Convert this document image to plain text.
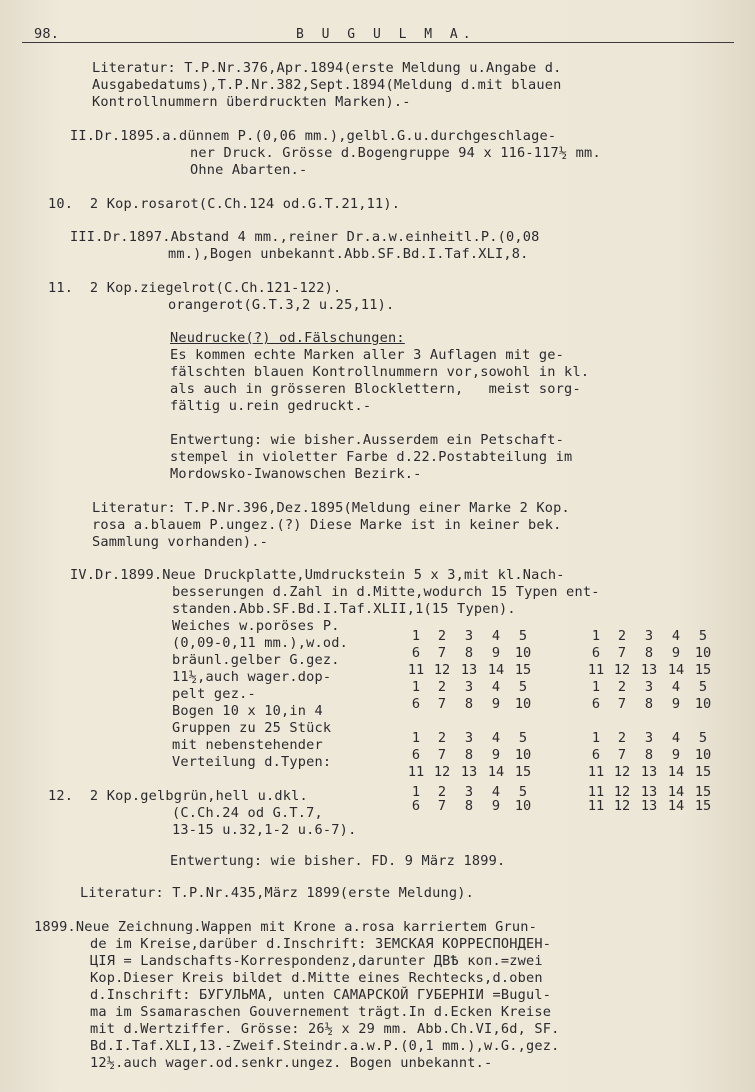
98.	B U G U L M A.
Literatur: T.P.Nr.376,Apr.1894(erste Meldung u.Angabe d.
Ausgabedatums),T.P.Nr.382,Sept.1894(Meldung d.mit blauen
Kontrollnummern überdruckten Marken).-
II.Dr.1895.a.dünnem P.(0,06 mm.),gelbl.G.u.durchgeschlage-
ner Druck. Grösse d.Bogengruppe 94 x 116-117½ mm.
Ohne Abarten.-
10.  2 Kop.rosarot(C.Ch.124 od.G.T.21,11).
III.Dr.1897.Abstand 4 mm.,reiner Dr.a.w.einheitl.P.(0,08
mm.),Bogen unbekannt.Abb.SF.Bd.I.Taf.XLI,8.
11.  2 Kop.ziegelrot(C.Ch.121-122).
orangerot(G.T.3,2 u.25,11).
Neudrucke(?) od.Fälschungen:
Es kommen echte Marken aller 3 Auflagen mit ge-
fälschten blauen Kontrollnummern vor,sowohl in kl.
als auch in grösseren Blocklettern,   meist sorg-
fältig u.rein gedruckt.-
Entwertung: wie bisher.Ausserdem ein Petschaft-
stempel in violetter Farbe d.22.Postabteilung im
Mordowsko-Iwanowschen Bezirk.-
Literatur: T.P.Nr.396,Dez.1895(Meldung einer Marke 2 Kop.
rosa a.blauem P.ungez.(?) Diese Marke ist in keiner bek.
Sammlung vorhanden).-
IV.Dr.1899.Neue Druckplatte,Umdruckstein 5 x 3,mit kl.Nach-
besserungen d.Zahl in d.Mitte,wodurch 15 Typen ent-
standen.Abb.SF.Bd.I.Taf.XLII,1(15 Typen).
Weiches w.poröses P.
(0,09-0,11 mm.),w.od.
bräunl.gelber G.gez.
11½,auch wager.dop-
pelt gez.-
Bogen 10 x 10,in 4
Gruppen zu 25 Stück
mit nebenstehender
Verteilung d.Typen:
12.  2 Kop.gelbgrün,hell u.dkl.
(C.Ch.24 od G.T.7,
13-15 u.32,1-2 u.6-7).
1	2	3	4	5	1	2	3	4	5
6	7	8	9	10	6	7	8	9	10
11 12 13 14 15	11 12 13 14 15
1	2	3	4	5	1	2	3	4	5
6	7	8	9	10	6	7	8	9	10
1	2	3	4	5	1	2	3	4	5
6	7	8	9	10	6	7	8	9	10
11 12 13 14 15	11 12 13 14 15
1	2	3	4	5	11 12 13 14 15
6	7	8	9	10	11 12 13 14 15
Entwertung: wie bisher. FD. 9 März 1899.
Literatur: T.P.Nr.435,März 1899(erste Meldung).
1899.Neue Zeichnung.Wappen mit Krone a.rosa karriertem Grun-
de im Kreise,darüber d.Inschrift: ЗЕМСКАЯ КОРРЕСПОНДЕН-
ЦІЯ = Landschafts-Korrespondenz,darunter ДВѢ коп.=zwei
Kop.Dieser Kreis bildet d.Mitte eines Rechtecks,d.oben
d.Inschrift: БУГУЛЬМА, unten САМАРСКОЙ ГУБЕРНІИ =Bugul-
ma im Ssamaraschen Gouvernement trägt.In d.Ecken Kreise
mit d.Wertziffer. Grösse: 26½ x 29 mm. Abb.Ch.VI,6d, SF.
Bd.I.Taf.XLI,13.-Zweif.Steindr.a.w.P.(0,1 mm.),w.G.,gez.
12½.auch wager.od.senkr.ungez. Bogen unbekannt.-
